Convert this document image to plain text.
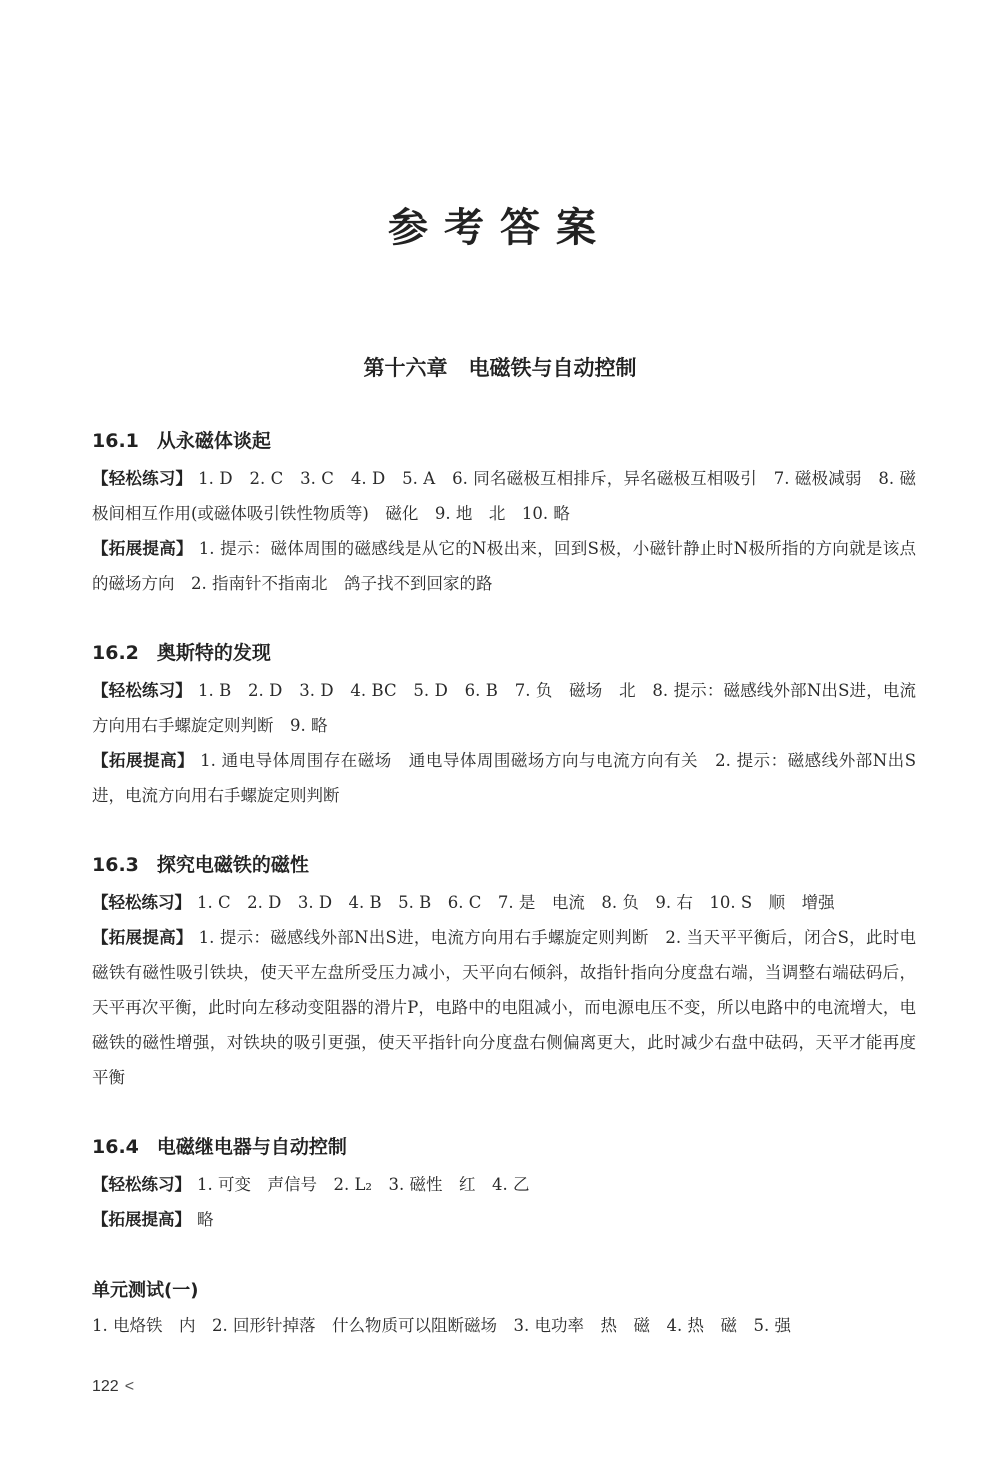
参考答案
第十六章　电磁铁与自动控制
16.1 从永磁体谈起

【轻松练习】 1. D　2. C　3. C　4. D　5. A　6. 同名磁极互相排斥，异名磁极互相吸引　7. 磁极减弱　8. 磁极间相互作用(或磁体吸引铁性物质等)　磁化　9. 地　北　10. 略

【拓展提高】 1. 提示：磁体周围的磁感线是从它的N极出来，回到S极，小磁针静止时N极所指的方向就是该点的磁场方向　2. 指南针不指南北　鸽子找不到回家的路

16.2 奥斯特的发现

【轻松练习】 1. B　2. D　3. D　4. BC　5. D　6. B　7. 负　磁场　北　8. 提示：磁感线外部N出S进，电流方向用右手螺旋定则判断　9. 略

【拓展提高】 1. 通电导体周围存在磁场　通电导体周围磁场方向与电流方向有关　2. 提示：磁感线外部N出S进，电流方向用右手螺旋定则判断

16.3 探究电磁铁的磁性

【轻松练习】 1. C　2. D　3. D　4. B　5. B　6. C　7. 是　电流　8. 负　9. 右　10. S　顺　增强

【拓展提高】 1. 提示：磁感线外部N出S进，电流方向用右手螺旋定则判断　2. 当天平平衡后，闭合S，此时电磁铁有磁性吸引铁块，使天平左盘所受压力减小，天平向右倾斜，故指针指向分度盘右端，当调整右端砝码后，天平再次平衡，此时向左移动变阻器的滑片P，电路中的电阻减小，而电源电压不变，所以电路中的电流增大，电磁铁的磁性增强，对铁块的吸引更强，使天平指针向分度盘右侧偏离更大，此时减少右盘中砝码，天平才能再度平衡

16.4 电磁继电器与自动控制

【轻松练习】 1. 可变　声信号　2. L₂　3. 磁性　红　4. 乙

【拓展提高】 略

单元测试(一)
1. 电烙铁　内　2. 回形针掉落　什么物质可以阻断磁场　3. 电功率　热　磁　4. 热　磁　5. 强
122 <
